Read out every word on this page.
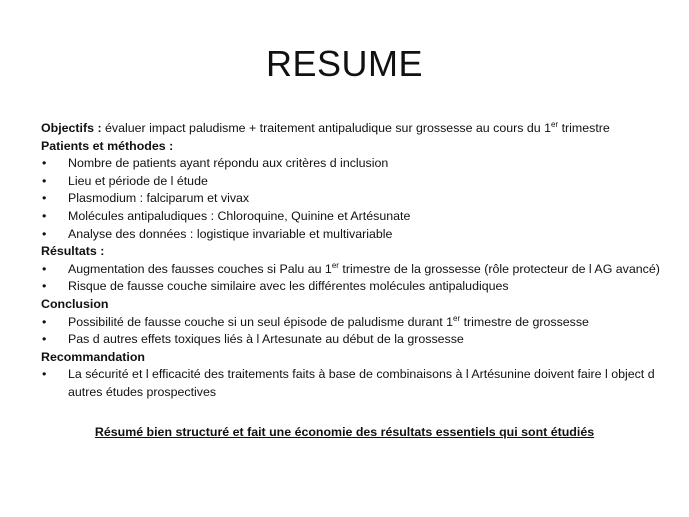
RESUME

Objectifs : évaluer impact paludisme + traitement antipaludique sur grossesse au cours du 1er trimestre

Patients et méthodes :

• Nombre de patients ayant répondu aux critères d inclusion

• Lieu et période de l étude

• Plasmodium : falciparum et vivax

• Molécules antipaludiques : Chloroquine, Quinine et Artésunate

• Analyse des données : logistique invariable et multivariable

Résultats :

• Augmentation des fausses couches si Palu au 1er trimestre de la grossesse (rôle protecteur de l AG avancé)

• Risque de fausse couche similaire avec les différentes molécules antipaludiques

Conclusion

• Possibilité de fausse couche si un seul épisode de paludisme durant 1er trimestre de grossesse

• Pas d autres effets toxiques liés à l Artesunate au début de la grossesse

Recommandation

• La sécurité et l efficacité des traitements faits à base de combinaisons à l Artésunine doivent faire l object d autres études prospectives

Résumé bien structuré et fait une économie des résultats essentiels qui sont étudiés
